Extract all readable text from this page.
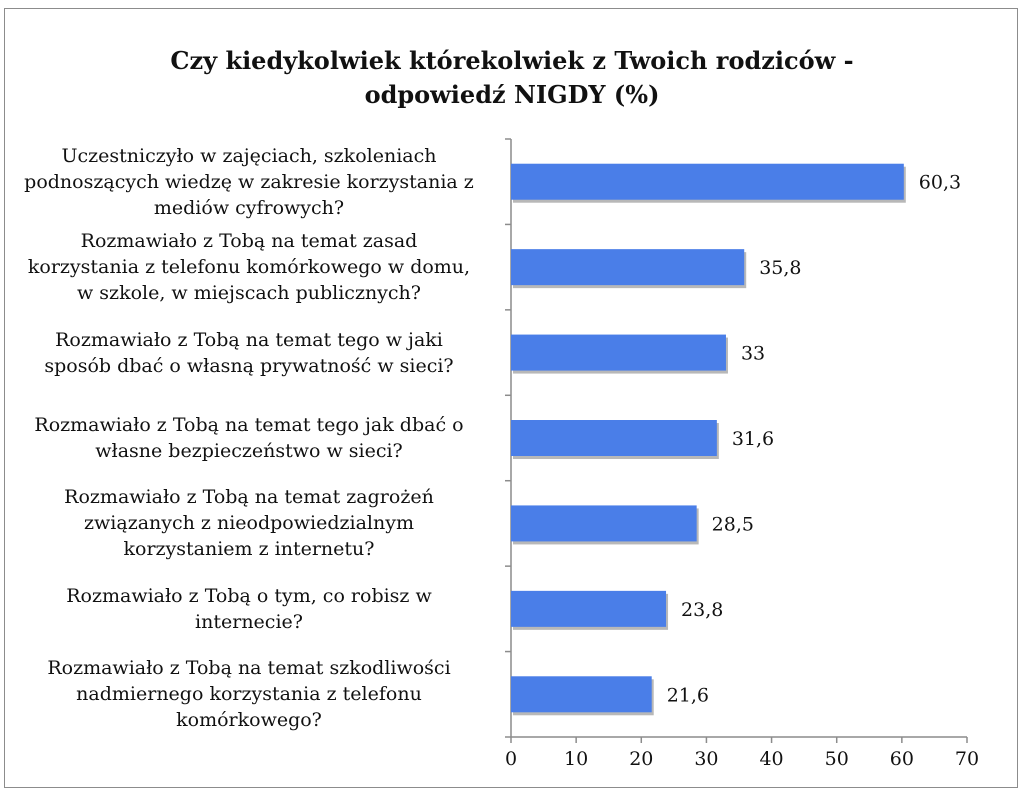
Czy kiedykolwiek którekolwiek z Twoich rodziców -
odpowiedź NIGDY (%)
Uczestniczyło w zajęciach, szkoleniach
podnoszących wiedzę w zakresie korzystania z
mediów cyfrowych?
Rozmawiało z Tobą na temat zasad
korzystania z telefonu komórkowego w domu,
w szkole, w miejscach publicznych?
Rozmawiało z Tobą na temat tego w jaki
sposób dbać o własną prywatność w sieci?
Rozmawiało z Tobą na temat tego jak dbać o
własne bezpieczeństwo w sieci?
Rozmawiało z Tobą na temat zagrożeń
związanych z nieodpowiedzialnym
korzystaniem z internetu?
Rozmawiało z Tobą o tym, co robisz w
internecie?
Rozmawiało z Tobą na temat szkodliwości
nadmiernego korzystania z telefonu
komórkowego?
0 10 20 30 40 50 60 70
60,3
35,8
33
31,6
28,5
23,8
21,6
